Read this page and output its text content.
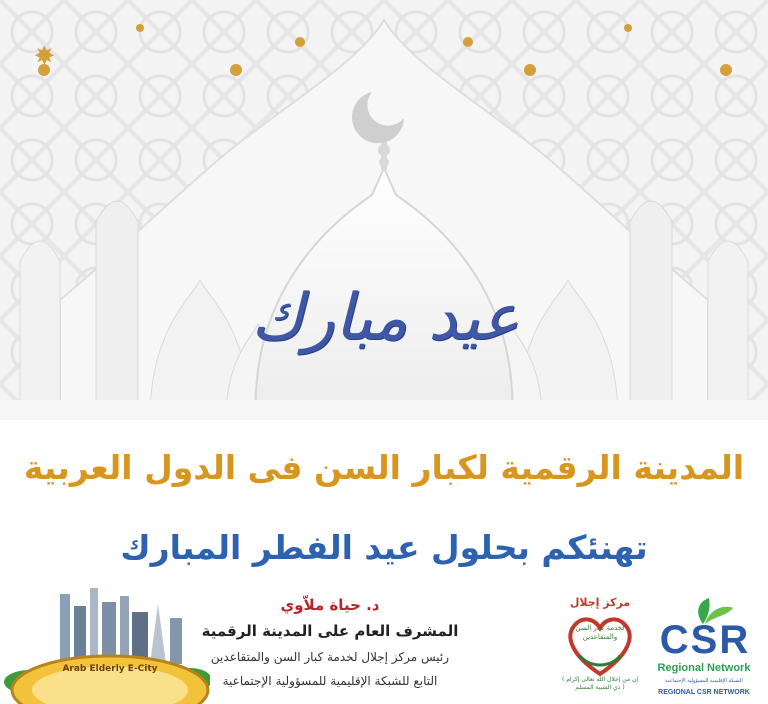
عيد مبارك
المدينة الرقمية لكبار السن فى الدول العربية
تهنئكم بحلول عيد الفطر المبارك
Arab Elderly E-City
د. حياة ملاّوي
المشرف العام على المدينة الرقمية
رئيس مركز إجلال لخدمة كبار السن والمتقاعدين
التابع للشبكة الإقليمية للمسؤولية الإجتماعية
مركز إجلال
لخدمة كبار السن والمتقاعدين
( إن من إجلال الله تعالى إكرام ذي الشيبة المسلم )
CSR
Regional Network
الشبكة الإقليمية للمسؤولية الإجتماعية
REGIONAL CSR NETWORK
